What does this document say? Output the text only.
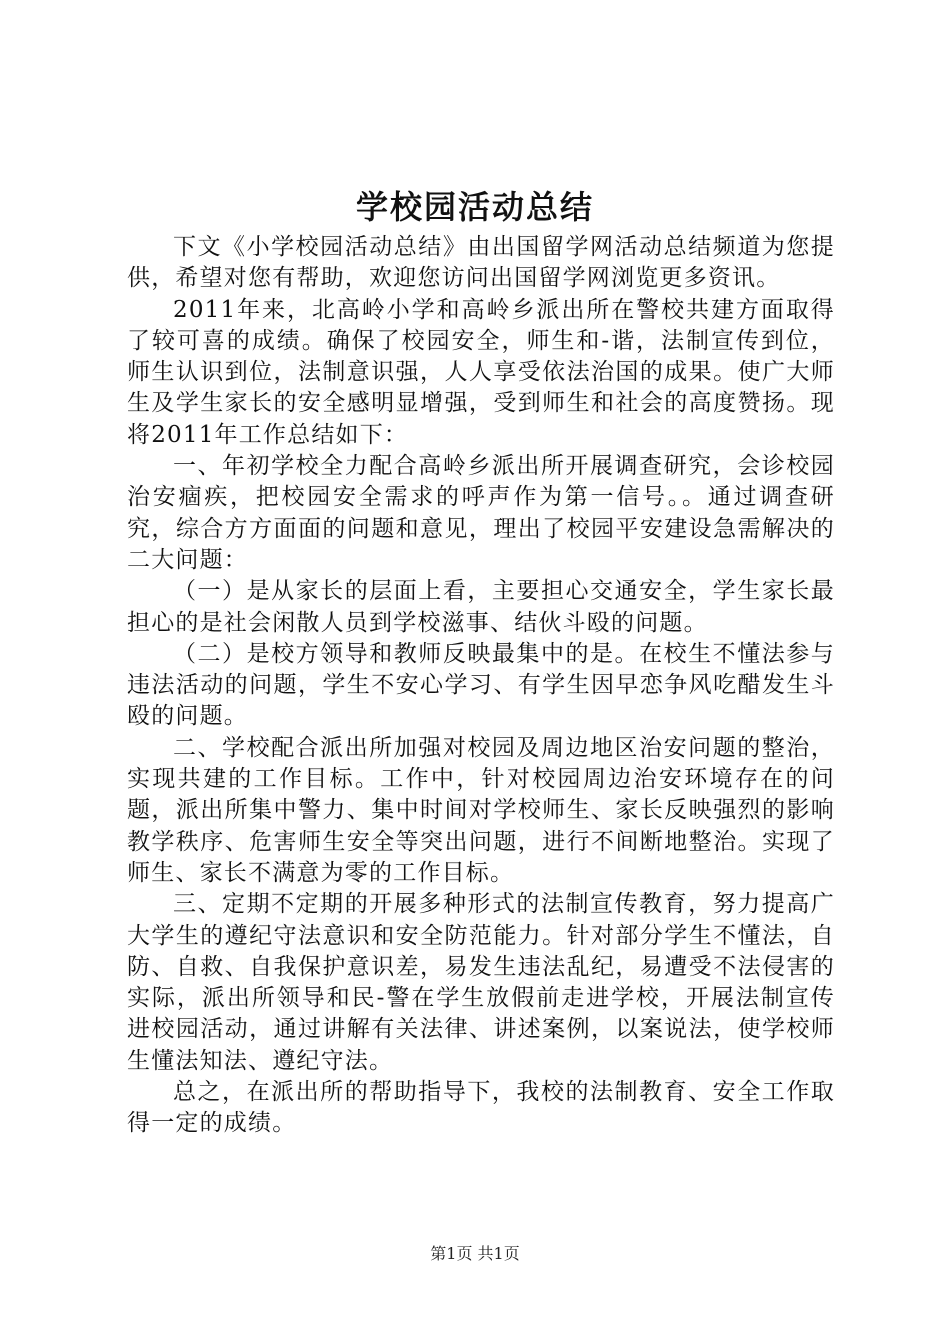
学校园活动总结

下文《小学校园活动总结》由出国留学网活动总结频道为您提供，希望对您有帮助，欢迎您访问出国留学网浏览更多资讯。

2011年来，北高岭小学和高岭乡派出所在警校共建方面取得了较可喜的成绩。确保了校园安全，师生和-谐，法制宣传到位，师生认识到位，法制意识强，人人享受依法治国的成果。使广大师生及学生家长的安全感明显增强，受到师生和社会的高度赞扬。现将2011年工作总结如下：

一、年初学校全力配合高岭乡派出所开展调查研究，会诊校园治安痼疾，把校园安全需求的呼声作为第一信号。。通过调查研究，综合方方面面的问题和意见，理出了校园平安建设急需解决的二大问题：

（一）是从家长的层面上看，主要担心交通安全，学生家长最担心的是社会闲散人员到学校滋事、结伙斗殴的问题。

（二）是校方领导和教师反映最集中的是。在校生不懂法参与违法活动的问题，学生不安心学习、有学生因早恋争风吃醋发生斗殴的问题。

二、学校配合派出所加强对校园及周边地区治安问题的整治，实现共建的工作目标。工作中，针对校园周边治安环境存在的问题，派出所集中警力、集中时间对学校师生、家长反映强烈的影响教学秩序、危害师生安全等突出问题，进行不间断地整治。实现了师生、家长不满意为零的工作目标。

三、定期不定期的开展多种形式的法制宣传教育，努力提高广大学生的遵纪守法意识和安全防范能力。针对部分学生不懂法，自防、自救、自我保护意识差，易发生违法乱纪，易遭受不法侵害的实际，派出所领导和民-警在学生放假前走进学校，开展法制宣传进校园活动，通过讲解有关法律、讲述案例，以案说法，使学校师生懂法知法、遵纪守法。

总之，在派出所的帮助指导下，我校的法制教育、安全工作取得一定的成绩。

第1页 共1页
